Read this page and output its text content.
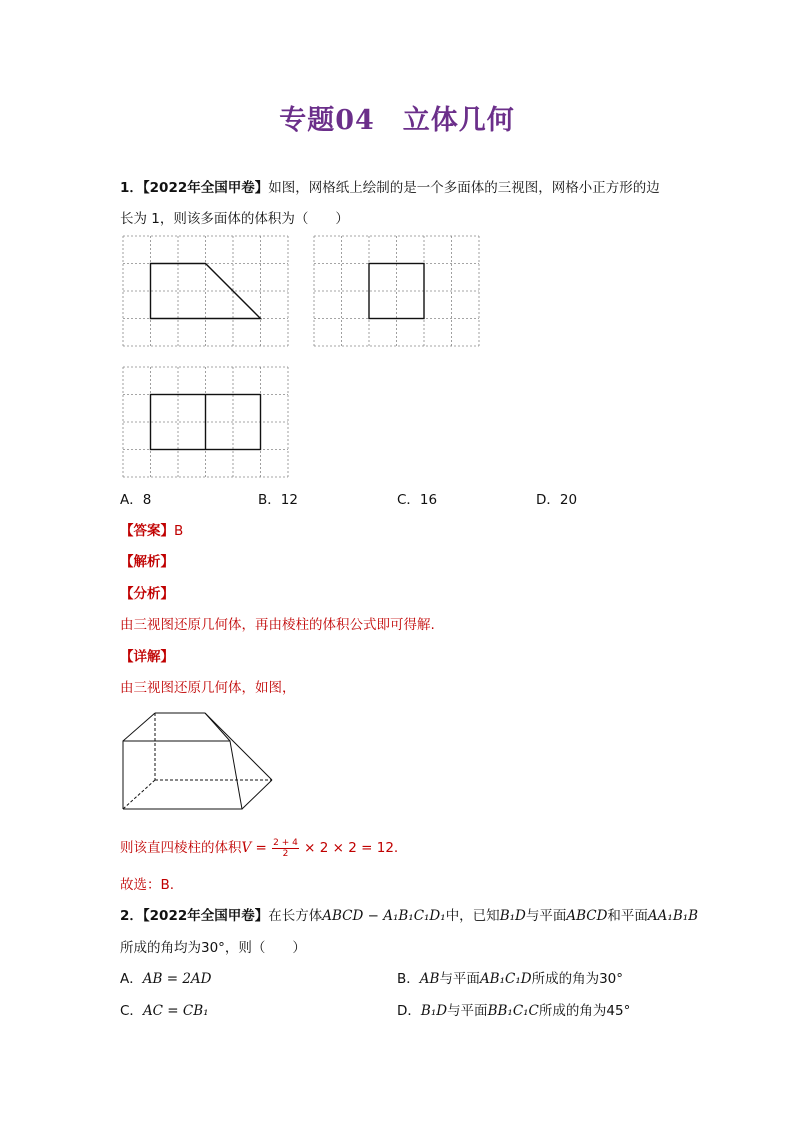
专题04　立体几何
1．【2022年全国甲卷】如图，网格纸上绘制的是一个多面体的三视图，网格小正方形的边
长为 1，则该多面体的体积为（　　）
A．8	B．12	C．16	D．20
【答案】B
【解析】
【分析】
由三视图还原几何体，再由棱柱的体积公式即可得解.
【详解】
由三视图还原几何体，如图，
则该直四棱柱的体积$V = \frac{2 + 4}{2} \times 2 \times 2 = 12$.
故选：B.
2．【2022年全国甲卷】在长方体ABCD − A₁B₁C₁D₁中，已知B₁D与平面ABCD和平面AA₁B₁B
所成的角均为30°，则（　　）
A．AB = 2AD	B．AB与平面AB₁C₁D所成的角为30°
C．AC = CB₁	D．B₁D与平面BB₁C₁C所成的角为45°
